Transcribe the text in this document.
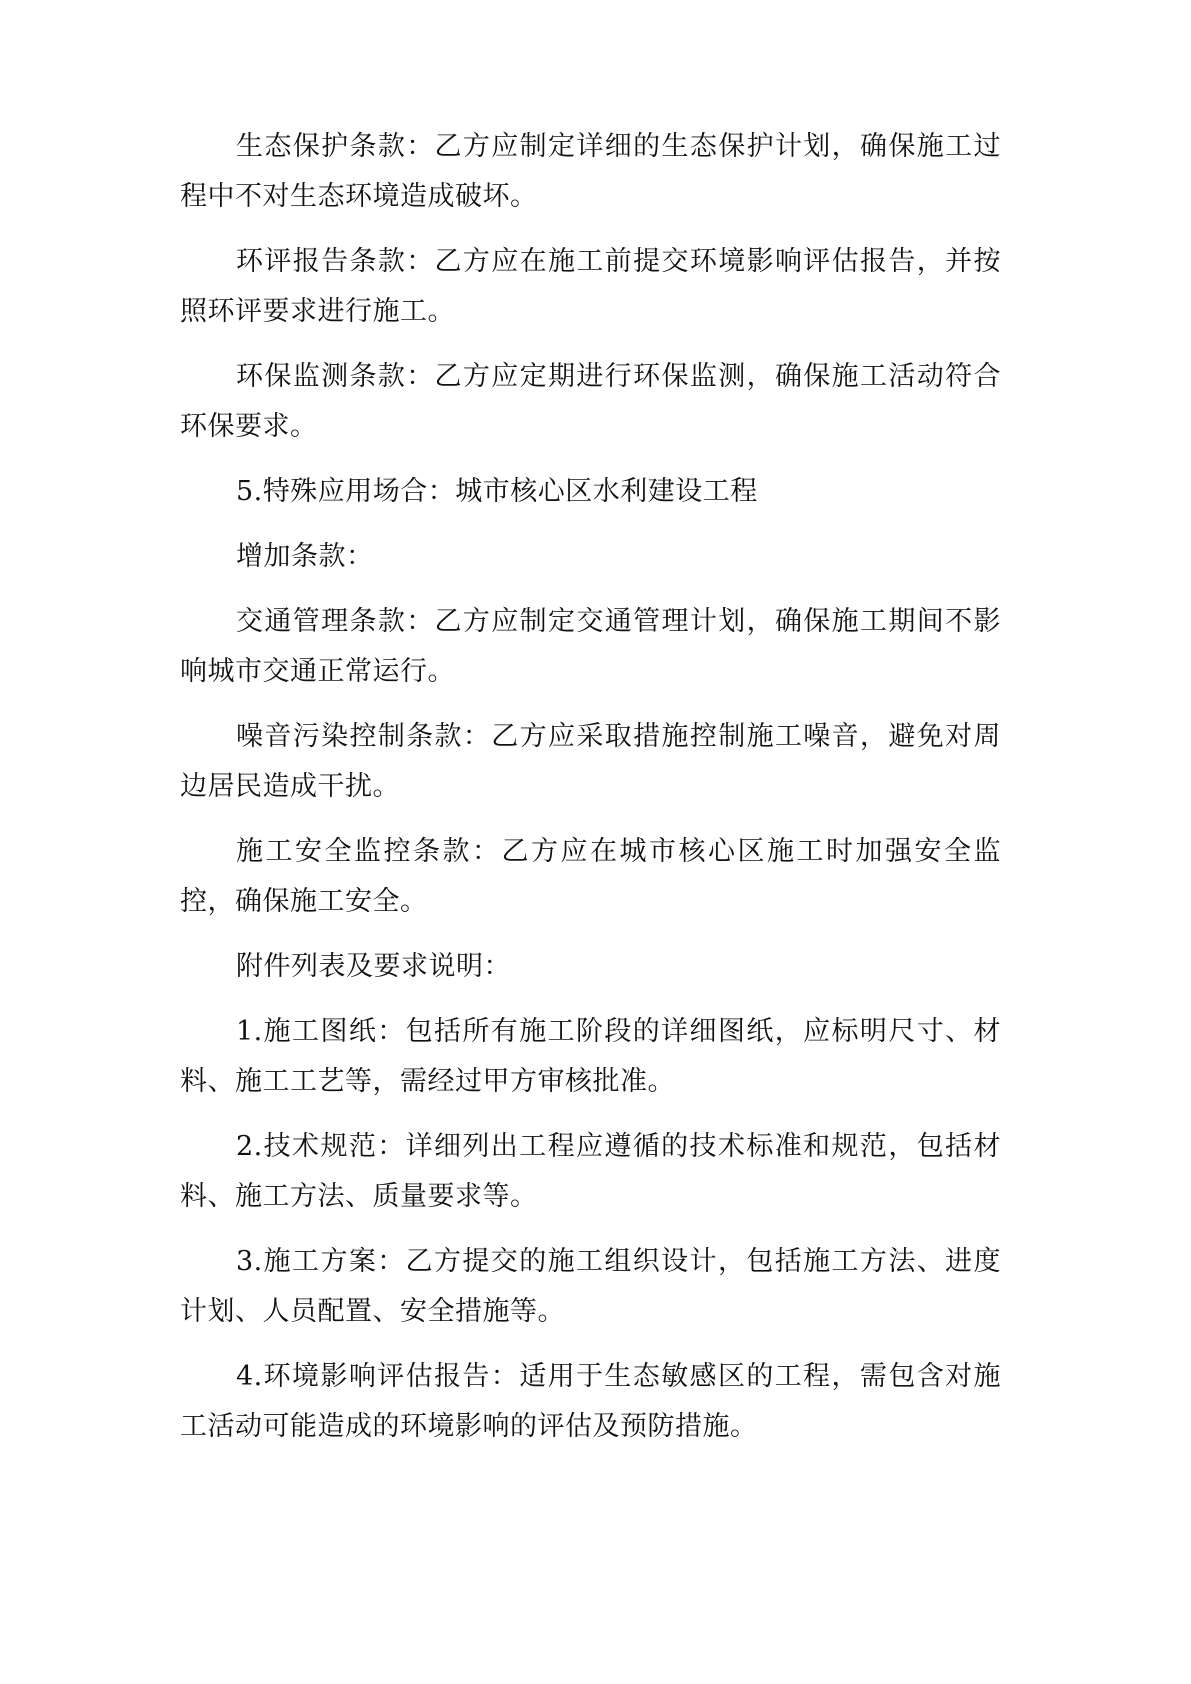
生态保护条款：乙方应制定详细的生态保护计划，确保施工过程中不对生态环境造成破坏。

环评报告条款：乙方应在施工前提交环境影响评估报告，并按照环评要求进行施工。

环保监测条款：乙方应定期进行环保监测，确保施工活动符合环保要求。

5.特殊应用场合：城市核心区水利建设工程

增加条款：

交通管理条款：乙方应制定交通管理计划，确保施工期间不影响城市交通正常运行。

噪音污染控制条款：乙方应采取措施控制施工噪音，避免对周边居民造成干扰。

施工安全监控条款：乙方应在城市核心区施工时加强安全监控，确保施工安全。

附件列表及要求说明：

1.施工图纸：包括所有施工阶段的详细图纸，应标明尺寸、材料、施工工艺等，需经过甲方审核批准。

2.技术规范：详细列出工程应遵循的技术标准和规范，包括材料、施工方法、质量要求等。

3.施工方案：乙方提交的施工组织设计，包括施工方法、进度计划、人员配置、安全措施等。

4.环境影响评估报告：适用于生态敏感区的工程，需包含对施工活动可能造成的环境影响的评估及预防措施。
